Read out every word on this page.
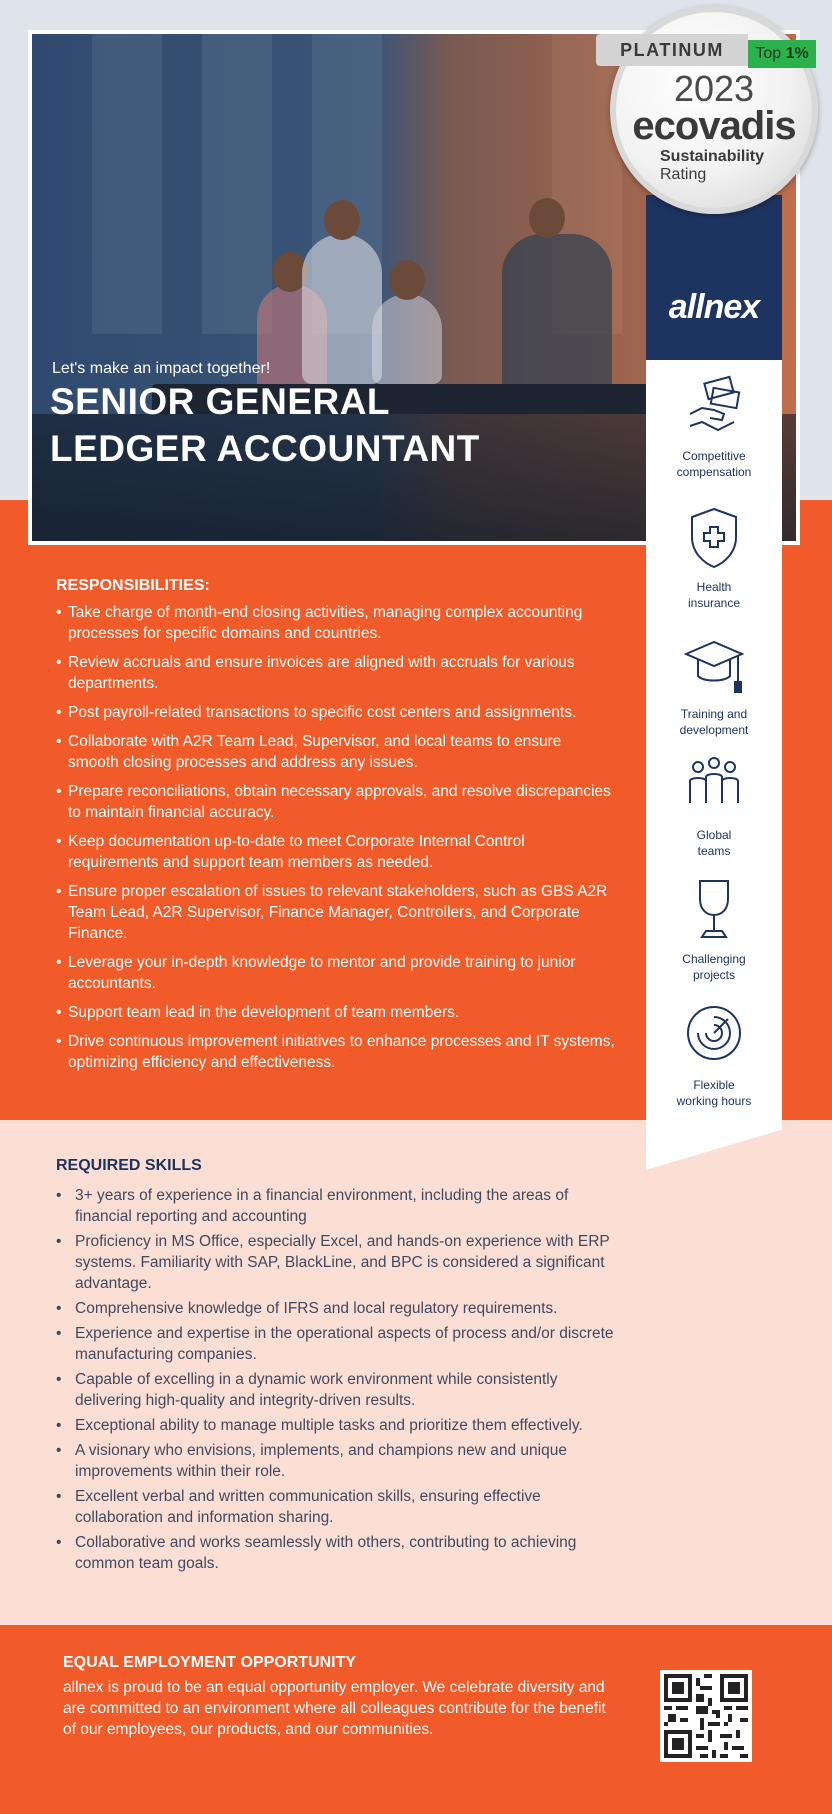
Let's make an impact together!
SENIOR GENERAL
LEDGER ACCOUNTANT
allnex
PLATINUM	Top 1%
2023
ecovadis
Sustainability
Rating
Competitive
compensation
Health
insurance
Training and
development
Global
teams
Challenging
projects
Flexible
working hours
RESPONSIBILITIES:
• Take charge of month-end closing activities, managing complex accounting processes for specific domains and countries.
• Review accruals and ensure invoices are aligned with accruals for various departments.
• Post payroll-related transactions to specific cost centers and assignments.
• Collaborate with A2R Team Lead, Supervisor, and local teams to ensure smooth closing processes and address any issues.
• Prepare reconciliations, obtain necessary approvals, and resolve discrepancies to maintain financial accuracy.
• Keep documentation up-to-date to meet Corporate Internal Control requirements and support team members as needed.
• Ensure proper escalation of issues to relevant stakeholders, such as GBS A2R Team Lead, A2R Supervisor, Finance Manager, Controllers, and Corporate Finance.
• Leverage your in-depth knowledge to mentor and provide training to junior accountants.
• Support team lead in the development of team members.
• Drive continuous improvement initiatives to enhance processes and IT systems, optimizing efficiency and effectiveness.
REQUIRED SKILLS
• 3+ years of experience in a financial environment, including the areas of financial reporting and accounting
• Proficiency in MS Office, especially Excel, and hands-on experience with ERP systems. Familiarity with SAP, BlackLine, and BPC is considered a significant advantage.
• Comprehensive knowledge of IFRS and local regulatory requirements.
• Experience and expertise in the operational aspects of process and/or discrete manufacturing companies.
• Capable of excelling in a dynamic work environment while consistently delivering high-quality and integrity-driven results.
• Exceptional ability to manage multiple tasks and prioritize them effectively.
• A visionary who envisions, implements, and champions new and unique improvements within their role.
• Excellent verbal and written communication skills, ensuring effective collaboration and information sharing.
• Collaborative and works seamlessly with others, contributing to achieving common team goals.
EQUAL EMPLOYMENT OPPORTUNITY
allnex is proud to be an equal opportunity employer. We celebrate diversity and are committed to an environment where all colleagues contribute for the benefit of our employees, our products, and our communities.
